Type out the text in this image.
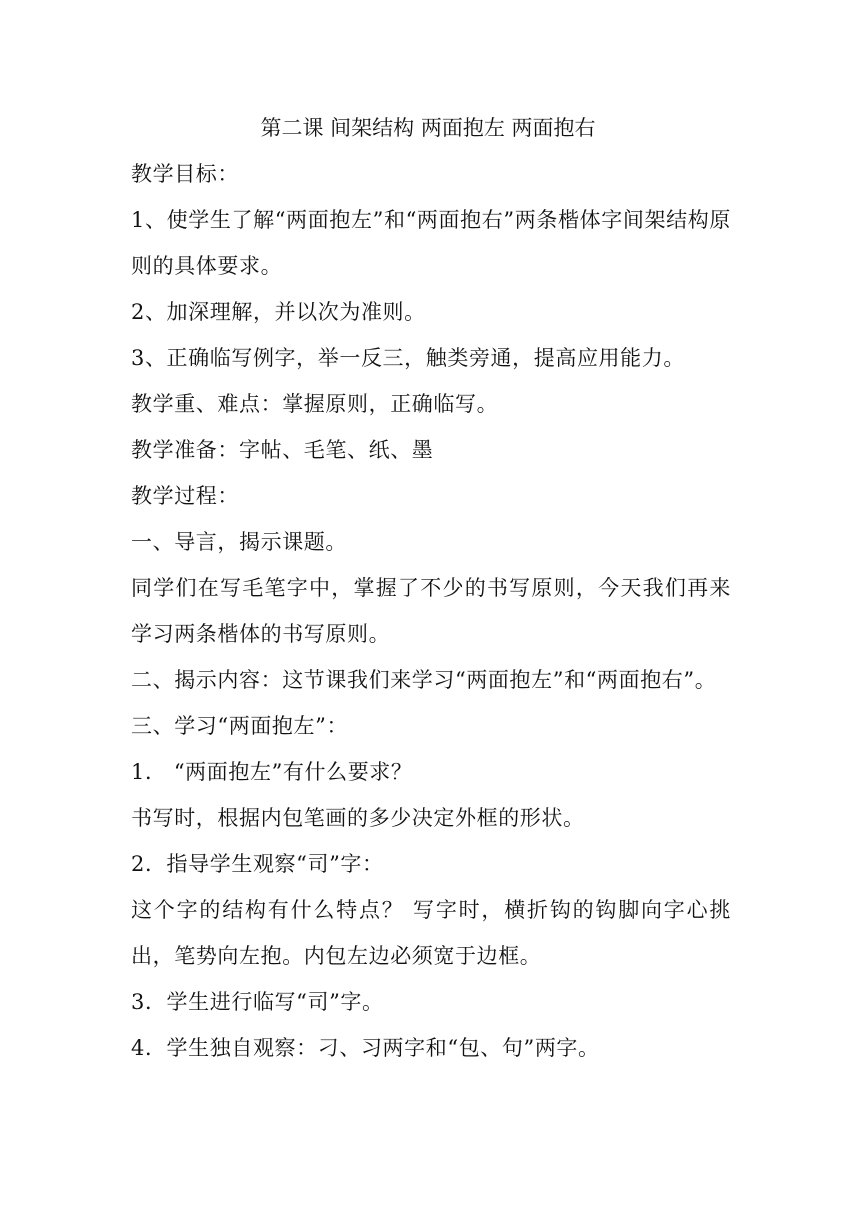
第二课 间架结构 两面抱左 两面抱右
教学目标：
1、使学生了解“两面抱左”和“两面抱右”两条楷体字间架结构原则的具体要求。
2、加深理解，并以次为准则。
3、正确临写例字，举一反三，触类旁通，提高应用能力。
教学重、难点：掌握原则，正确临写。
教学准备：字帖、毛笔、纸、墨
教学过程：
一、导言，揭示课题。
同学们在写毛笔字中，掌握了不少的书写原则，今天我们再来学习两条楷体的书写原则。
二、揭示内容：这节课我们来学习“两面抱左”和“两面抱右”。
三、学习“两面抱左”：
1． “两面抱左”有什么要求？
书写时，根据内包笔画的多少决定外框的形状。
2．指导学生观察“司”字：
这个字的结构有什么特点？ 写字时，横折钩的钩脚向字心挑出，笔势向左抱。内包左边必须宽于边框。
3．学生进行临写“司”字。
4．学生独自观察：刁、习两字和“包、句”两字。
